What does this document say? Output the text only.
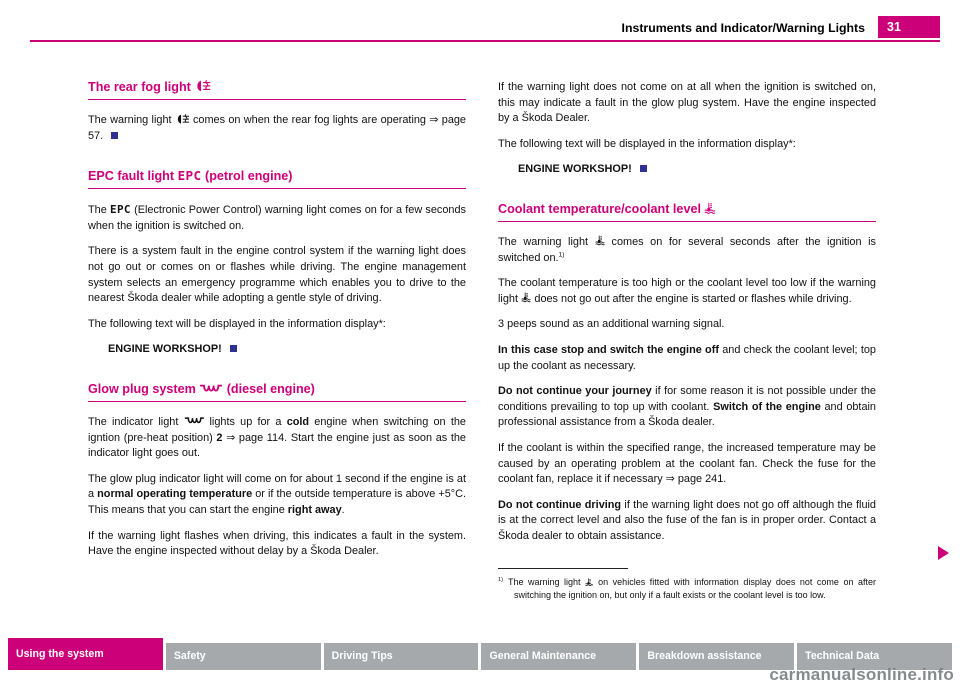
Instruments and Indicator/Warning Lights	31
The rear fog light

The warning light  comes on when the rear fog lights are operating ⇒ page 57.

EPC fault light EPC (petrol engine)

The EPC (Electronic Power Control) warning light comes on for a few seconds when the ignition is switched on.

There is a system fault in the engine control system if the warning light does not go out or comes on or flashes while driving. The engine management system selects an emergency programme which enables you to drive to the nearest Škoda dealer while adopting a gentle style of driving.

The following text will be displayed in the information display*:

ENGINE WORKSHOP!

Glow plug system  (diesel engine)

The indicator light  lights up for a cold engine when switching on the igntion (pre-heat position) 2 ⇒ page 114. Start the engine just as soon as the indicator light goes out.

The glow plug indicator light will come on for about 1 second if the engine is at a normal operating temperature or if the outside temperature is above +5°C. This means that you can start the engine right away.

If the warning light flashes when driving, this indicates a fault in the system. Have the engine inspected without delay by a Škoda Dealer.

If the warning light does not come on at all when the ignition is switched on, this may indicate a fault in the glow plug system. Have the engine inspected by a Škoda Dealer.

The following text will be displayed in the information display*:

ENGINE WORKSHOP!

Coolant temperature/coolant level

The warning light  comes on for several seconds after the ignition is switched on.$^{1)}$

The coolant temperature is too high or the coolant level too low if the warning light  does not go out after the engine is started or flashes while driving.

3 peeps sound as an additional warning signal.

In this case stop and switch the engine off and check the coolant level; top up the coolant as necessary.

Do not continue your journey if for some reason it is not possible under the conditions prevailing to top up with coolant. Switch of the engine and obtain professional assistance from a Škoda dealer.

If the coolant is within the specified range, the increased temperature may be caused by an operating problem at the coolant fan. Check the fuse for the coolant fan, replace it if necessary ⇒ page 241.

Do not continue driving if the warning light does not go off although the fluid is at the correct level and also the fuse of the fan is in proper order. Contact a Škoda dealer to obtain assistance.

$^{1)}$ The warning light  on vehicles fitted with information display does not come on after switching the ignition on, but only if a fault exists or the coolant level is too low.

Using the system	Safety	Driving Tips	General Maintenance	Breakdown assistance	Technical Data
carmanualsonline.info
